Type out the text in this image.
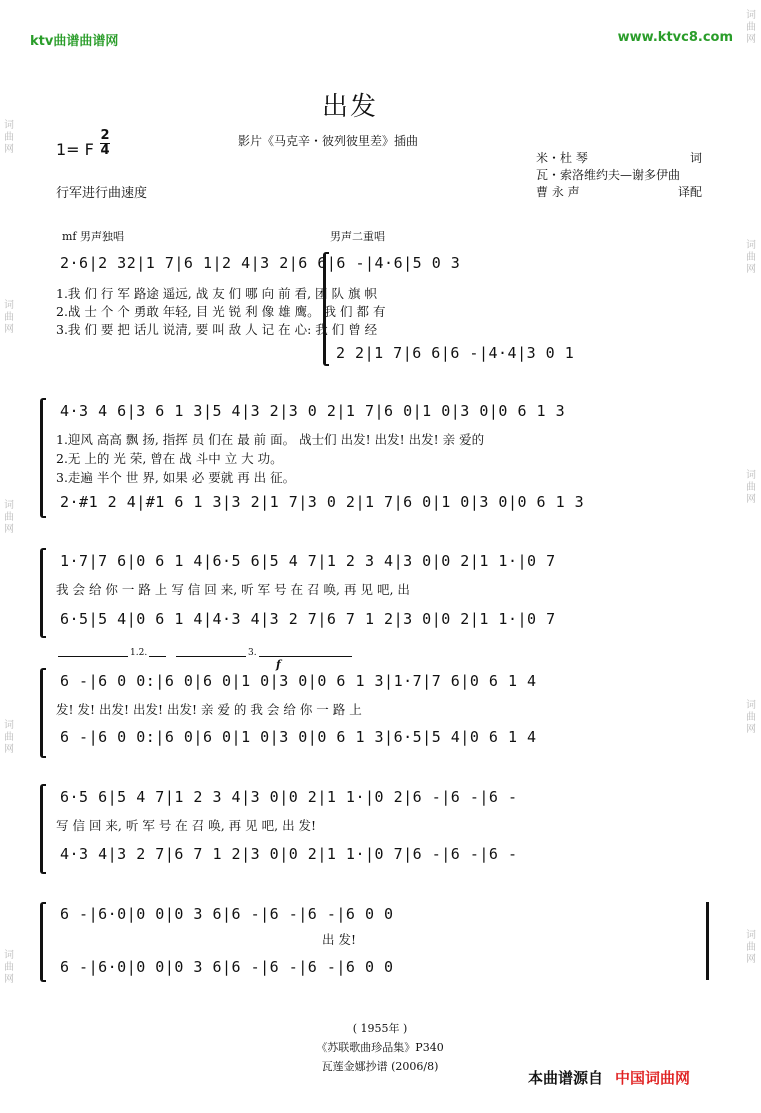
词曲网
词曲网
词曲网
词曲网
词曲网
词曲网
词曲网
词曲网
词曲网
词曲网
ktv曲谱曲谱网	www.ktvc8.com
出发
1= F
2
4
影片《马克辛・彼列彼里差》插曲
行军进行曲速度
米・杜 琴	词
瓦・索洛维约夫—谢多伊曲
曹 永 声	译配
mf 男声独唱	男声二重唱
2·6|2 32|1 7|6 1|2 4|3 2|6 6|6 -|4·6|5 0 3
1.我 们 行 军 路途 遥远, 战 友 们 哪 向 前 看, 团 队 旗 帜
2.战 士 个 个 勇敢 年轻, 目 光 锐 利 像 雄 鹰。 我 们 都 有
3.我 们 要 把 话儿 说清, 要 叫 敌 人 记 在 心: 我 们 曾 经
2 2|1 7|6 6|6 -|4·4|3 0 1
4·3 4 6|3 6 1 3|5 4|3 2|3 0 2|1 7|6 0|1 0|3 0|0 6 1 3
1.迎风 高高 飘 扬, 指挥 员 们在 最 前 面。 战士们 出发! 出发! 出发! 亲 爱的
2.无 上的 光 荣, 曾在 战 斗中 立 大 功。
3.走遍 半个 世 界, 如果 必 要就 再 出 征。
2·#1 2 4|#1 6 1 3|3 2|1 7|3 0 2|1 7|6 0|1 0|3 0|0 6 1 3
1·7|7 6|0 6 1 4|6·5 6|5 4 7|1 2 3 4|3 0|0 2|1 1·|0 7
我 会 给 你 一 路 上 写 信 回 来, 听 军 号 在 召 唤, 再 见 吧, 出
6·5|5 4|0 6 1 4|4·3 4|3 2 7|6 7 1 2|3 0|0 2|1 1·|0 7
1.2.	3.
f
6 -|6 0 0:|6 0|6 0|1 0|3 0|0 6 1 3|1·7|7 6|0 6 1 4
发! 发! 出发! 出发! 出发! 亲 爱 的 我 会 给 你 一 路 上
6 -|6 0 0:|6 0|6 0|1 0|3 0|0 6 1 3|6·5|5 4|0 6 1 4
6·5 6|5 4 7|1 2 3 4|3 0|0 2|1 1·|0 2|6 -|6 -|6 -
写 信 回 来, 听 军 号 在 召 唤, 再 见 吧, 出 发!
4·3 4|3 2 7|6 7 1 2|3 0|0 2|1 1·|0 7|6 -|6 -|6 -
6 -|6·0|0 0|0 3 6|6 -|6 -|6 -|6 0 0
出 发!
6 -|6·0|0 0|0 3 6|6 -|6 -|6 -|6 0 0
( 1955年 )
《苏联歌曲珍品集》P340
瓦莲金娜抄谱 (2006/8)
本曲谱源自 中国词曲网
